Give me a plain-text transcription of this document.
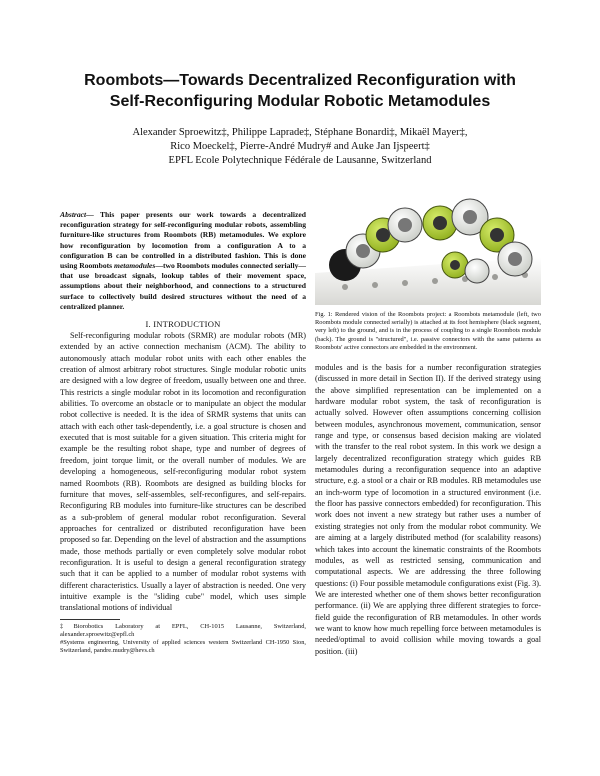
Roombots—Towards Decentralized Reconfiguration with
Self-Reconfiguring Modular Robotic Metamodules
Alexander Sproewitz‡, Philippe Laprade‡, Stéphane Bonardi‡, Mikaël Mayer‡,
Rico Moeckel‡, Pierre-André Mudry# and Auke Jan Ijspeert‡
EPFL Ecole Polytechnique Fédérale de Lausanne, Switzerland
Abstract— This paper presents our work towards a decentralized reconfiguration strategy for self-reconfiguring modular robots, assembling furniture-like structures from Roombots (RB) metamodules. We explore how reconfiguration by locomotion from a configuration A to a configuration B can be controlled in a distributed fashion. This is done using Roombots metamodules—two Roombots modules connected serially—that use broadcast signals, lookup tables of their movement space, assumptions about their neighborhood, and connections to a structured surface to collectively build desired structures without the need of a centralized planner.
I. INTRODUCTION

Self-reconfiguring modular robots (SRMR) are modular robots (MR) extended by an active connection mechanism (ACM). The ability to autonomously attach modular robot units with each other enables the creation of almost arbitrary robot structures. Single modular robotic units are designed with a low degree of freedom, usually between one and three. This restricts a single modular robot in its locomotion and reconfiguration abilities. To overcome an obstacle or to manipulate an object the modular robot collective is needed. It is the idea of SRMR systems that units can attach with each other task-dependently, i.e. a goal structure is chosen and executed that is most suitable for a given situation. This criteria might for example be the resulting robot shape, type and number of degrees of freedom, joint torque limit, or the overall number of modules. We are developing a homogeneous, self-reconfiguring modular robot system named Roombots (RB). Roombots are designed as building blocks for furniture that moves, self-assembles, self-reconfigures, and self-repairs. Reconfiguring RB modules into furniture-like structures can be described as a sub-problem of general modular robot reconfiguration. Several approaches for centralized or distributed reconfiguration have been proposed so far. Depending on the level of abstraction and the assumptions made, those methods partially or even completely solve modular robot reconfiguration. It is useful to design a general reconfiguration strategy such that it can be applied to a number of modular robot systems with different characteristics. Usually a layer of abstraction is needed. One very intuitive example is the "sliding cube" model, which uses simple translational motions of individual

‡Biorobotics Laboratory at EPFL, CH-1015 Lausanne, Switzerland, alexander.sproewitz@epfl.ch

#Systems engineering, University of applied sciences western Switzerland CH-1950 Sion, Switzerland, pandre.mudry@hevs.ch

Fig. 1: Rendered vision of the Roombots project: a Roombots metamodule (left, two Roombots module connected serially) is attached at its foot hemisphere (black segment, very left) to the ground, and is in the process of coupling to a single Roombots module (back). The ground is "structured", i.e. passive connectors with the same patterns as Roombots' active connectors are embedded in the environment.

modules and is the basis for a number reconfiguration strategies (discussed in more detail in Section II). If the derived strategy using the above simplified representation can be implemented on a hardware modular robot system, the task of reconfiguration is actually solved. However often assumptions concerning collision between modules, asynchronous movement, communication, sensor range and type, or consensus based decision making are violated with the transfer to the real robot system. In this work we design a largely decentralized reconfiguration strategy which guides RB metamodules during a reconfiguration sequence into an adaptive structure, e.g. a stool or a chair or RB modules. RB metamodules use an inch-worm type of locomotion in a structured environment (i.e. the floor has passive connectors embedded) for reconfiguration. This work does not invent a new strategy but rather uses a number of existing strategies not only from the modular robot community. We are aiming at a largely distributed method (for scalability reasons) which takes into account the kinematic constraints of the Roombots modules, as well as restricted sensing, communication and computational aspects. We are addressing the three following questions: (i) Four possible metamodule configurations exist (Fig. 3). We are interested whether one of them shows better reconfiguration performance. (ii) We are applying three different strategies to force-field guide the reconfiguration of RB metamodules. In other words we want to know how much repelling force between metamodules is needed/optimal to avoid collision while moving towards a goal position. (iii)
